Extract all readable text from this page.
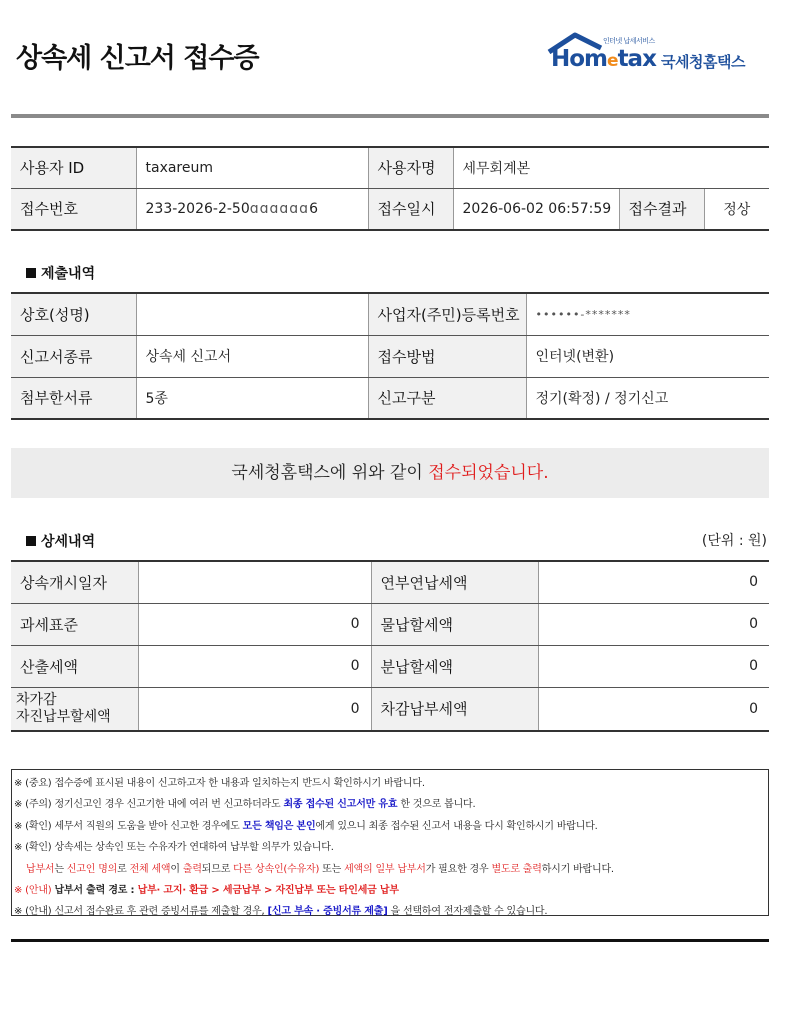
상속세 신고서 접수증
인터넷 납세서비스
Hometax 국세청홈택스
사용자 ID	taxareum	사용자명	세무회계본		
접수번호	233-2026-2-50ɑɑɑɑɑɑ6	접수일시	2026-06-02 06:57:59	접수결과	정상
제출내역
상호(성명)		사업자(주민)등록번호	••••••-*******
신고서종류	상속세 신고서	접수방법	인터넷(변환)
첨부한서류	5종	신고구분	정기(확정) / 정기신고
국세청홈택스에 위와 같이 접수되었습니다.
상세내역	(단위 : 원)
상속개시일자		연부연납세액	0
과세표준	0	물납할세액	0
산출세액	0	분납할세액	0
차가감
자진납부할세액	0	차감납부세액	0
※ (중요) 접수증에 표시된 내용이 신고하고자 한 내용과 일치하는지 반드시 확인하시기 바랍니다.
※ (주의) 정기신고인 경우 신고기한 내에 여러 번 신고하더라도 최종 접수된 신고서만 유효 한 것으로 봅니다.
※ (확인) 세무서 직원의 도움을 받아 신고한 경우에도 모든 책임은 본인에게 있으니 최종 접수된 신고서 내용을 다시 확인하시기 바랍니다.
※ (확인) 상속세는 상속인 또는 수유자가 연대하여 납부할 의무가 있습니다.
납부서는 신고인 명의로 전체 세액이 출력되므로 다른 상속인(수유자) 또는 세액의 일부 납부서가 필요한 경우 별도로 출력하시기 바랍니다.
※ (안내) 납부서 출력 경로 : 납부· 고지· 환급 > 세금납부 > 자진납부 또는 타인세금 납부
※ (안내) 신고서 접수완료 후 관련 증빙서류를 제출할 경우, [신고 부속 · 증빙서류 제출] 을 선택하여 전자제출할 수 있습니다.
